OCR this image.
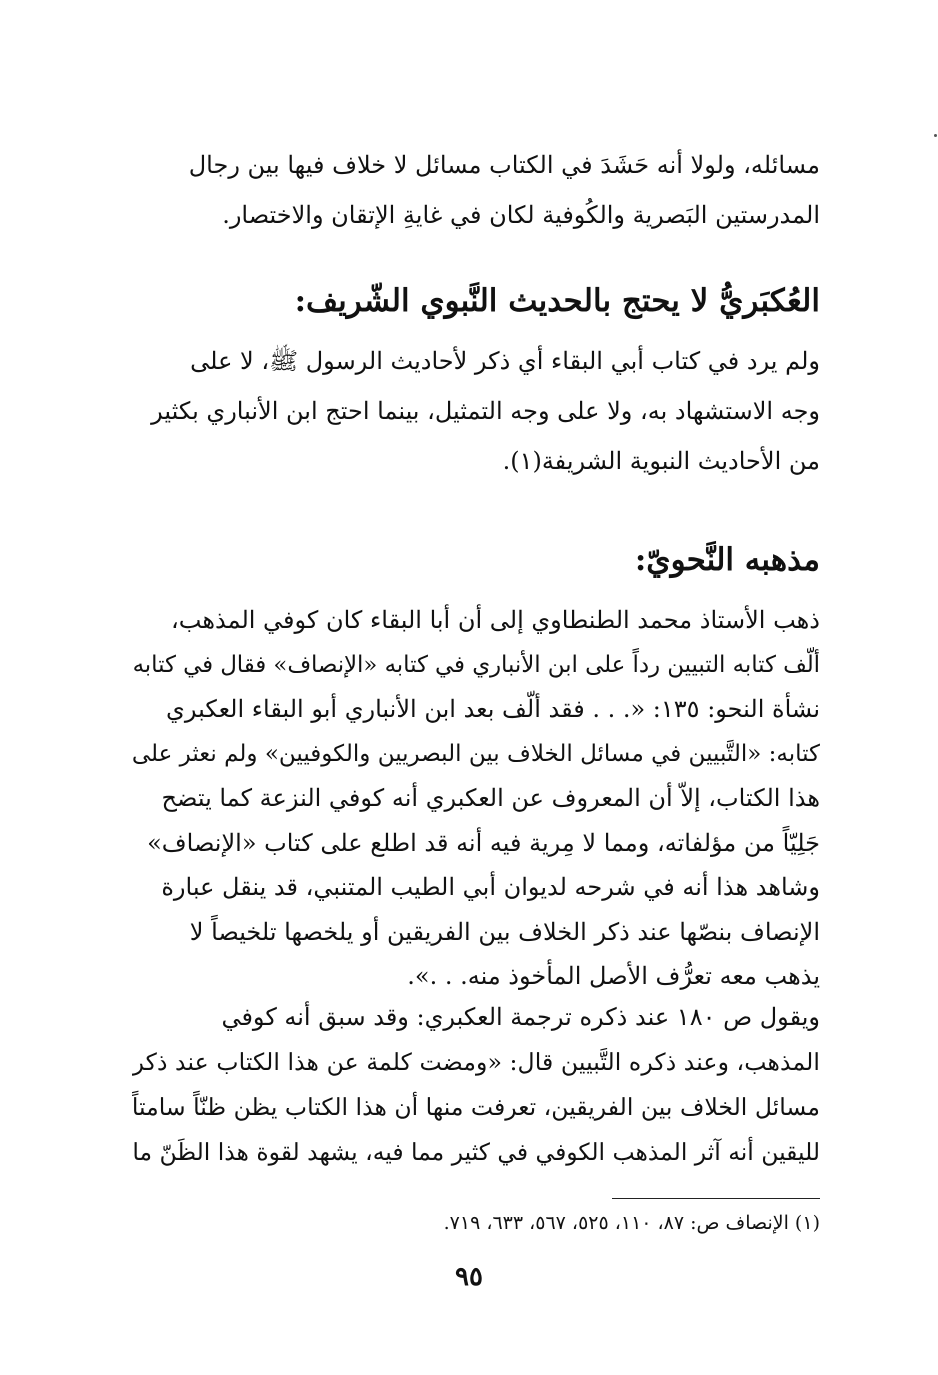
مسائله، ولولا أنه حَشَدَ في الكتاب مسائل لا خلاف فيها بين رجال
المدرستين البَصرية والكُوفية لكان في غايةِ الإتقان والاختصار.
العُكبَريُّ لا يحتج بالحديث النَّبوي الشّريف:
ولم يرد في كتاب أبي البقاء أي ذكر لأحاديث الرسول ﷺ، لا على
وجه الاستشهاد به، ولا على وجه التمثيل، بينما احتج ابن الأنباري بكثير
من الأحاديث النبوية الشريفة(١).
مذهبه النَّحويّ:
ذهب الأستاذ محمد الطنطاوي إلى أن أبا البقاء كان كوفي المذهب،
ألّف كتابه التبيين رداً على ابن الأنباري في كتابه «الإنصاف» فقال في كتابه
نشأة النحو: ١٣٥: «. . . فقد ألّف بعد ابن الأنباري أبو البقاء العكبري
كتابه: «التَّبيين في مسائل الخلاف بين البصريين والكوفيين» ولم نعثر على
هذا الكتاب، إلاّ أن المعروف عن العكبري أنه كوفي النزعة كما يتضح
جَلِيّاً من مؤلفاته، ومما لا مِرية فيه أنه قد اطلع على كتاب «الإنصاف»
وشاهد هذا أنه في شرحه لديوان أبي الطيب المتنبي، قد ينقل عبارة
الإنصاف بنصّها عند ذكر الخلاف بين الفريقين أو يلخصها تلخيصاً لا
يذهب معه تعرُّف الأصل المأخوذ منه. . .».
ويقول ص ١٨٠ عند ذكره ترجمة العكبري: وقد سبق أنه كوفي
المذهب، وعند ذكره التَّبيين قال: «ومضت كلمة عن هذا الكتاب عند ذكر
مسائل الخلاف بين الفريقين، تعرفت منها أن هذا الكتاب يظن ظنّاً سامتاً
لليقين أنه آثر المذهب الكوفي في كثير مما فيه، يشهد لقوة هذا الظَنّ ما
(١) الإنصاف ص: ٨٧، ١١٠، ٥٢٥، ٥٦٧، ٦٣٣، ٧١٩.
٩٥
